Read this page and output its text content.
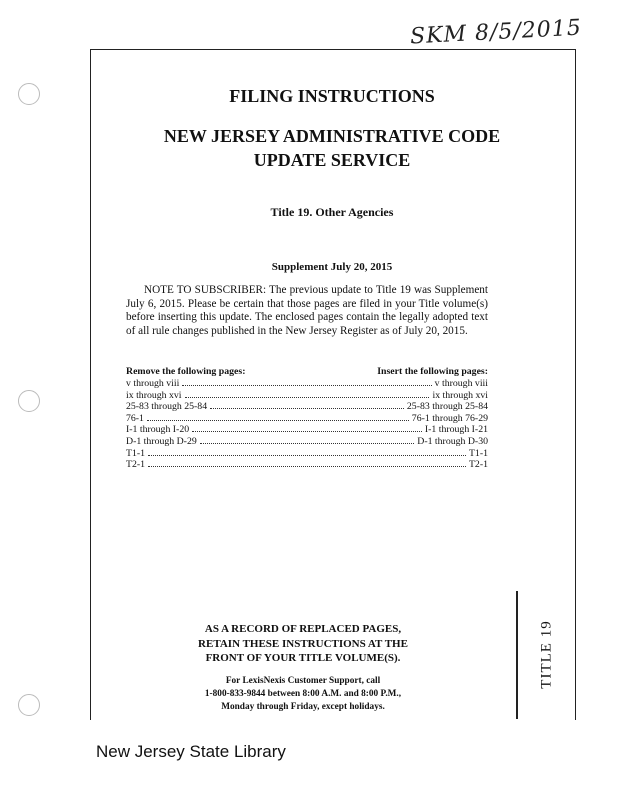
SKM 8/5/2015
TITLE 19
FILING INSTRUCTIONS
NEW JERSEY ADMINISTRATIVE CODE
UPDATE SERVICE
Title 19. Other Agencies
Supplement July 20, 2015
NOTE TO SUBSCRIBER: The previous update to Title 19 was Supplement July 6, 2015. Please be certain that those pages are filed in your Title volume(s) before inserting this update. The enclosed pages contain the legally adopted text of all rule changes published in the New Jersey Register as of July 20, 2015.
Remove the following pages:	Insert the following pages:
v through viii	v through viii
ix through xvi	ix through xvi
25-83 through 25-84	25-83 through 25-84
76-1	76-1 through 76-29
I-1 through I-20	I-1 through I-21
D-1 through D-29	D-1 through D-30
T1-1	T1-1
T2-1	T2-1
AS A RECORD OF REPLACED PAGES,
RETAIN THESE INSTRUCTIONS AT THE
FRONT OF YOUR TITLE VOLUME(S).
For LexisNexis Customer Support, call
1-800-833-9844 between 8:00 A.M. and 8:00 P.M.,
Monday through Friday, except holidays.
New Jersey State Library
